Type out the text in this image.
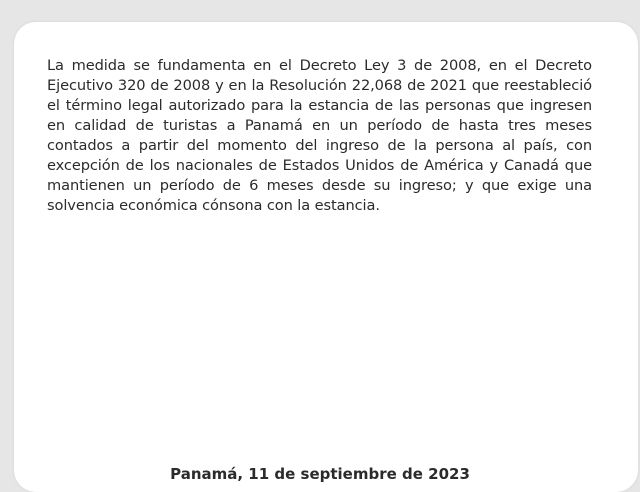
La medida se fundamenta en el Decreto Ley 3 de 2008, en el Decreto Ejecutivo 320 de 2008 y en la Resolución 22,068 de 2021 que reestableció el término legal autorizado para la estancia de las personas que ingresen en calidad de turistas a Panamá en un período de hasta tres meses contados a partir del momento del ingreso de la persona al país, con excepción de los nacionales de Estados Unidos de América y Canadá que mantienen un período de 6 meses desde su ingreso; y que exige una solvencia económica cónsona con la estancia.

Panamá, 11 de septiembre de 2023
